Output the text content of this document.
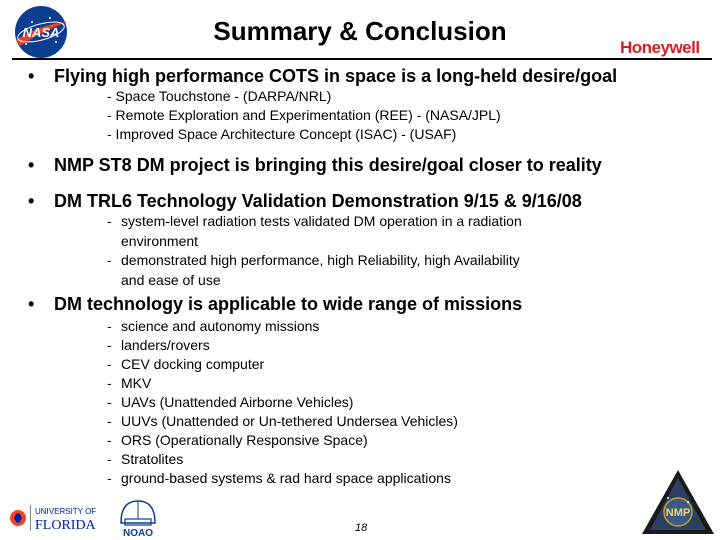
NASA	Summary & Conclusion
Honeywell
• Flying high performance COTS in space is a long-held desire/goal
- Space Touchstone - (DARPA/NRL)
- Remote Exploration and Experimentation (REE) - (NASA/JPL)
- Improved Space Architecture Concept (ISAC) - (USAF)
• NMP ST8 DM project is bringing this desire/goal closer to reality
• DM TRL6 Technology Validation Demonstration 9/15 & 9/16/08
- system-level radiation tests validated DM operation in a radiation
environment
- demonstrated high performance, high Reliability, high Availability
and ease of use
• DM technology is applicable to wide range of missions
- science and autonomy missions
- landers/rovers
- CEV docking computer
- MKV
- UAVs (Unattended Airborne Vehicles)
- UUVs (Unattended or Un-tethered Undersea Vehicles)
- ORS (Operationally Responsive Space)
- Stratolites
- ground-based systems & rad hard space applications
UNIVERSITY OF
FLORIDA
NOAO	18
NMP
